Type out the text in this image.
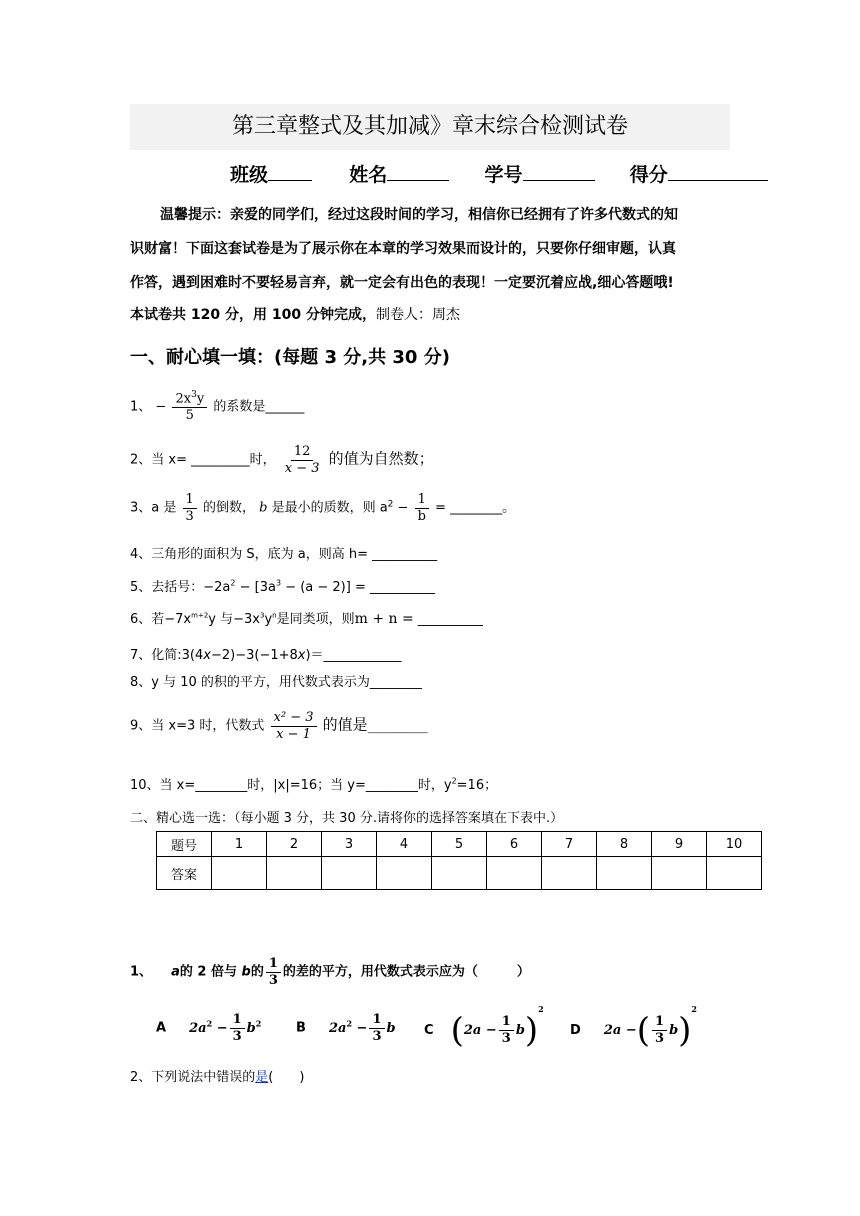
第三章整式及其加减》章末综合检测试卷
班级	姓名	学号	得分
温馨提示：亲爱的同学们，经过这段时间的学习，相信你已经拥有了许多代数式的知
识财富！下面这套试卷是为了展示你在本章的学习效果而设计的，只要你仔细审题，认真
作答，遇到困难时不要轻易言弃，就一定会有出色的表现！一定要沉着应战,细心答题哦!
本试卷共 120 分，用 100 分钟完成，制卷人：周杰
一、耐心填一填：(每题 3 分,共 30 分)
1、 − $\frac{2x^3y}{5}$ 的系数是______
2、当 x= _________时， $\frac{12}{x - 3}$ 的值为自然数；
3、a 是 $\frac{1}{3}$ 的倒数， b 是最小的质数，则 $a^2 - \frac{1}{b}$ = ________。
4、三角形的面积为 S，底为 a，则高 h= __________
5、去括号：$-2a^2 - [3a^3 - (a - 2)]$ = __________
6、若$-7x^{m+2}y$ 与$-3x^3y^n$是同类项，则m + n = __________
7、化简:3(4x−2)−3(−1+8x)＝____________
8、y 与 10 的积的平方，用代数式表示为________
9、当 x=3 时，代数式 $\frac{\text{x² − 3}}{x - 1}$ 的值是________
10、当 x=________时，|x|=16；当 y=________时，$y^2=16$；
二、精心选一选：（每小题 3 分，共 30 分.请将你的选择答案填在下表中.）
题号	1	2	3	4	5	6	7	8	9	10
答案										
1、 a的 2 倍与 b的 $\frac{1}{3}$ 的差的平方，用代数式表示应为（　　　）
A $2a^2 - \frac{1}{3} b^2$	B $2a^2 - \frac{1}{3}$ b C $(2a - \frac{1}{3} b)^2$
D 2a −( $\frac{1}{3} b)^2$
2、下列说法中错误的是(　　)
